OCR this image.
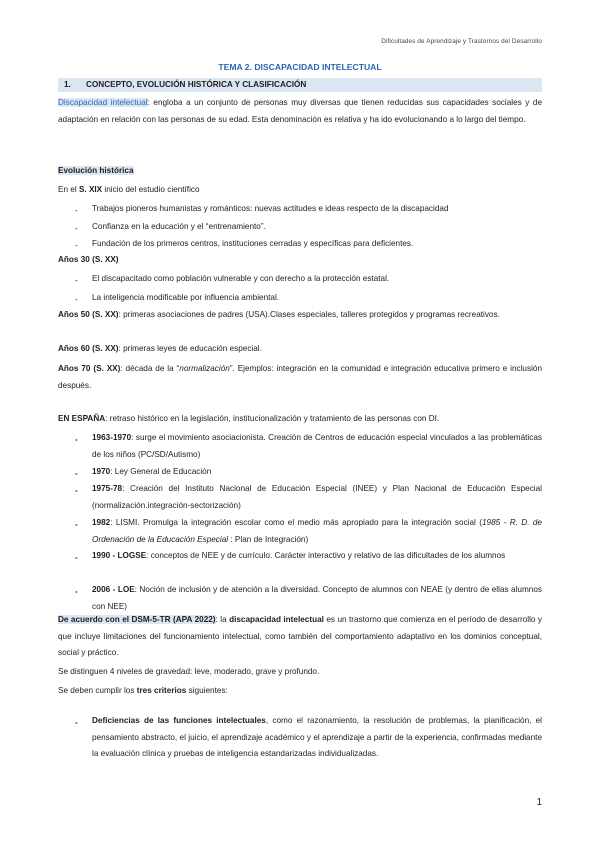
Dificultades de Aprendizaje y Trastornos del Desarrollo
TEMA 2. DISCAPACIDAD INTELECTUAL
1. CONCEPTO, EVOLUCIÓN HISTÓRICA Y CLASIFICACIÓN
Discapacidad intelectual: engloba a un conjunto de personas muy diversas que tienen reducidas sus capacidades sociales y de adaptación en relación con las personas de su edad. Esta denominación es relativa y ha ido evolucionando a lo largo del tiempo.
Evolución histórica
En el S. XIX inicio del estudio científico
- Trabajos pioneros humanistas y románticos: nuevas actitudes e ideas respecto de la discapacidad
- Confianza en la educación y el “entrenamiento”.
- Fundación de los primeros centros, instituciones cerradas y específicas para deficientes.
Años 30 (S. XX)
- El discapacitado como población vulnerable y con derecho a la protección estatal.
- La inteligencia modificable por influencia ambiental.
Años 50 (S. XX): primeras asociaciones de padres (USA).Clases especiales, talleres protegidos y programas recreativos.
Años 60 (S. XX): primeras leyes de educación especial.
Años 70 (S. XX): década de la “normalización”. Ejemplos: integración en la comunidad e integración educativa primero e inclusión después.
EN ESPAÑA: retraso histórico en la legislación, institucionalización y tratamiento de las personas con DI.
- 1963-1970: surge el movimiento asociacionista. Creación de Centros de educación especial vinculados a las problemáticas de los niños (PC/SD/Autismo)
- 1970: Ley General de Educación
- 1975-78: Creación del Instituto Nacional de Educación Especial (INEE) y Plan Nacional de Educación Especial (normalización.integración-sectorización)
- 1982: LISMI. Promulga la integración escolar como el medio más apropiado para la integración social (1985 - R. D. de Ordenación de la Educación Especial : Plan de Integración)
- 1990 - LOGSE: conceptos de NEE y de currículo. Carácter interactivo y relativo de las dificultades de los alumnos
- 2006 - LOE: Noción de inclusión y de atención a la diversidad. Concepto de alumnos con NEAE (y dentro de ellas alumnos con NEE)
De acuerdo con el DSM-5-TR (APA 2022): la discapacidad intelectual es un trastorno que comienza en el período de desarrollo y que incluye limitaciones del funcionamiento intelectual, como también del comportamiento adaptativo en los dominios conceptual, social y práctico.
Se distinguen 4 niveles de gravedad: leve, moderado, grave y profundo.
Se deben cumplir los tres criterios siguientes:
- Deficiencias de las funciones intelectuales, como el razonamiento, la resolución de problemas, la planificación, el pensamiento abstracto, el juicio, el aprendizaje académico y el aprendizaje a partir de la experiencia, confirmadas mediante la evaluación clínica y pruebas de inteligencia estandarizadas individualizadas.
1
